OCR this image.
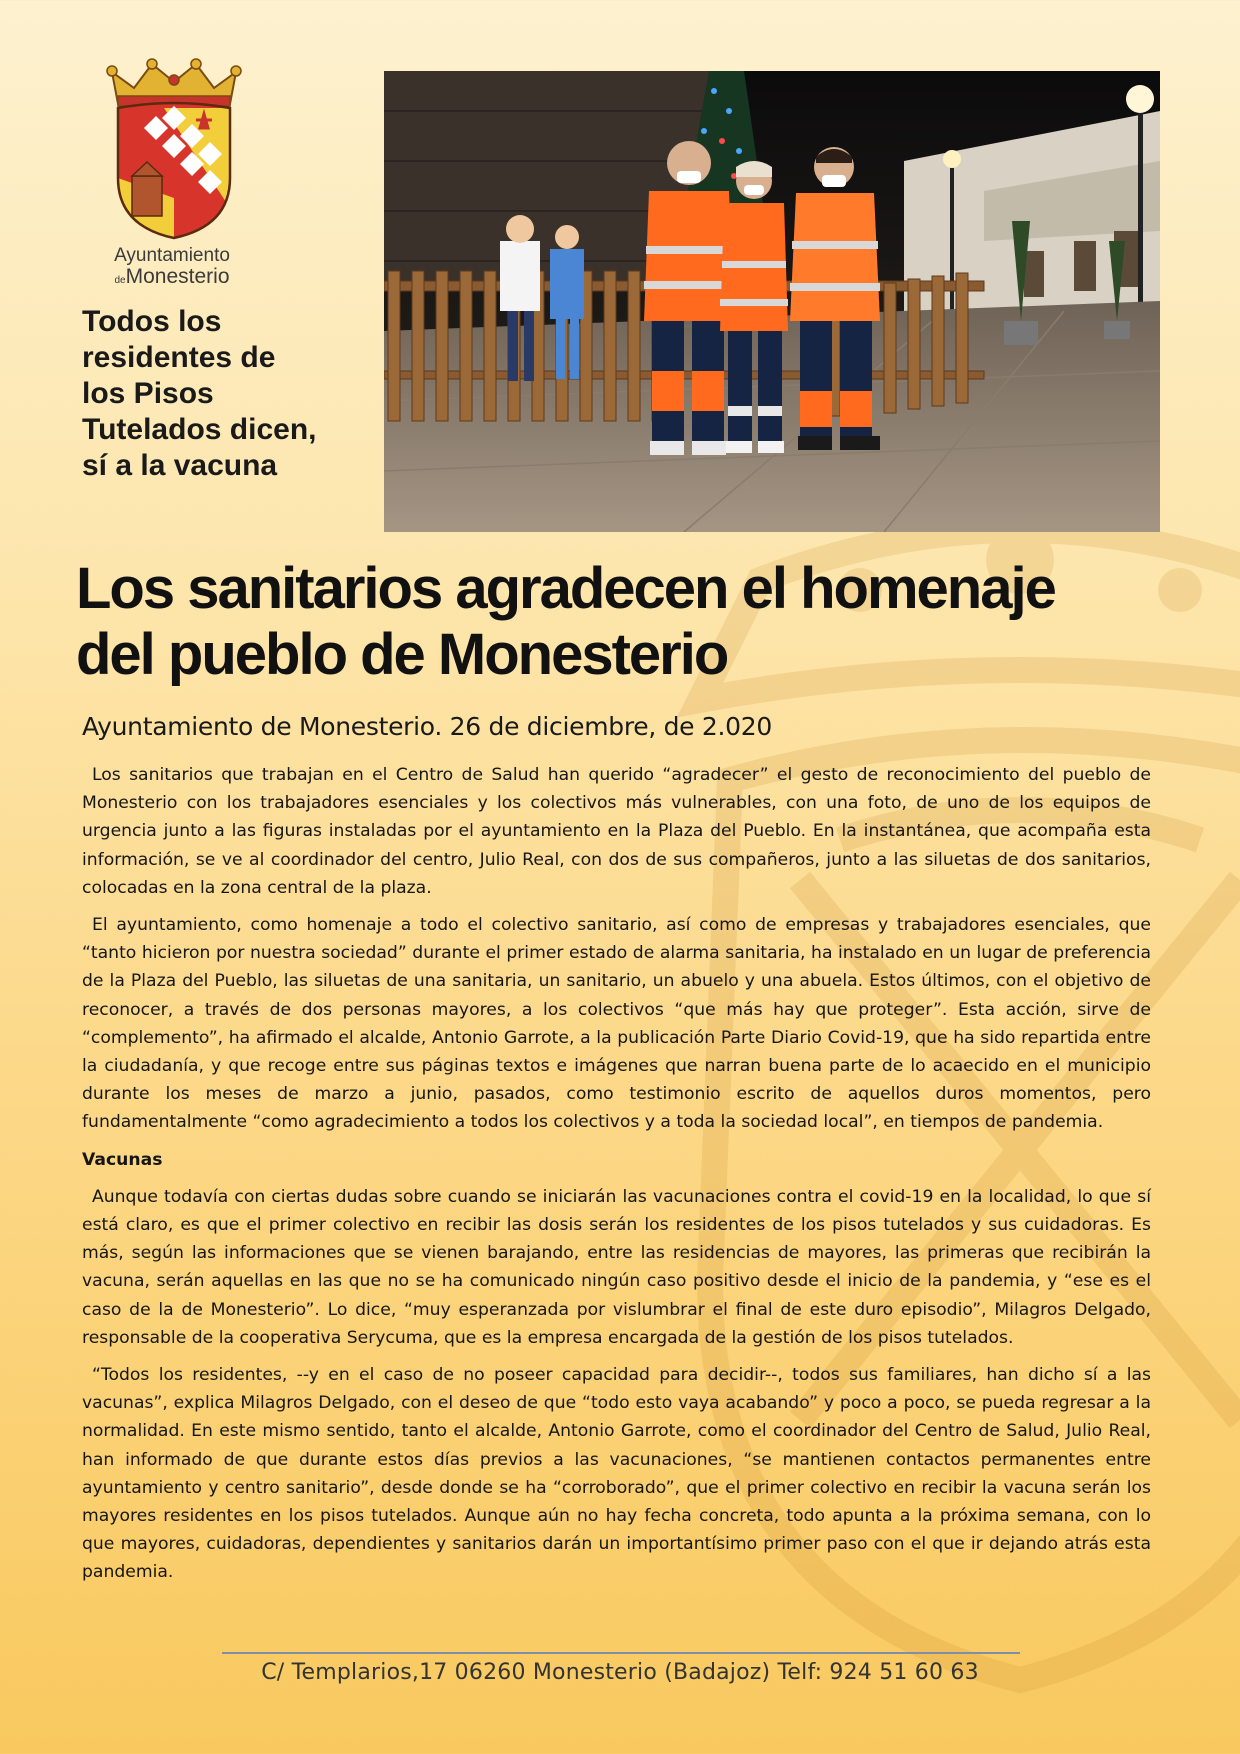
Ayuntamiento
deMonesterio
Todos los residentes de los Pisos Tutelados dicen, sí a la vacuna
Los sanitarios agradecen el homenaje
del pueblo de Monesterio

Ayuntamiento de Monesterio. 26 de diciembre, de 2.020

Los sanitarios que trabajan en el Centro de Salud han querido “agradecer” el gesto de reconocimiento del pueblo de Monesterio con los trabajadores esenciales y los colectivos más vulnerables, con una foto, de uno de los equipos de urgencia junto a las figuras instaladas por el ayuntamiento en la Plaza del Pueblo. En la instantánea, que acompaña esta información, se ve al coordinador del centro, Julio Real, con dos de sus compañeros, junto a las siluetas de dos sanitarios, colocadas en la zona central de la plaza.

El ayuntamiento, como homenaje a todo el colectivo sanitario, así como de empresas y trabajadores esenciales, que “tanto hicieron por nuestra sociedad” durante el primer estado de alarma sanitaria, ha instalado en un lugar de preferencia de la Plaza del Pueblo, las siluetas de una sanitaria, un sanitario, un abuelo y una abuela. Estos últimos, con el objetivo de reconocer, a través de dos personas mayores, a los colectivos “que más hay que proteger”. Esta acción, sirve de “complemento”, ha afirmado el alcalde, Antonio Garrote, a la publicación Parte Diario Covid-19, que ha sido repartida entre la ciudadanía, y que recoge entre sus páginas textos e imágenes que narran buena parte de lo acaecido en el municipio durante los meses de marzo a junio, pasados, como testimonio escrito de aquellos duros momentos, pero fundamentalmente “como agradecimiento a todos los colectivos y a toda la sociedad local”, en tiempos de pandemia.

Vacunas

Aunque todavía con ciertas dudas sobre cuando se iniciarán las vacunaciones contra el covid-19 en la localidad, lo que sí está claro, es que el primer colectivo en recibir las dosis serán los residentes de los pisos tutelados y sus cuidadoras. Es más, según las informaciones que se vienen barajando, entre las residencias de mayores, las primeras que recibirán la vacuna, serán aquellas en las que no se ha comunicado ningún caso positivo desde el inicio de la pandemia, y “ese es el caso de la de Monesterio”. Lo dice, “muy esperanzada por vislumbrar el final de este duro episodio”, Milagros Delgado, responsable de la cooperativa Serycuma, que es la empresa encargada de la gestión de los pisos tutelados.

“Todos los residentes, --y en el caso de no poseer capacidad para decidir--, todos sus familiares, han dicho sí a las vacunas”, explica Milagros Delgado, con el deseo de que “todo esto vaya acabando” y poco a poco, se pueda regresar a la normalidad. En este mismo sentido, tanto el alcalde, Antonio Garrote, como el coordinador del Centro de Salud, Julio Real, han informado de que durante estos días previos a las vacunaciones, “se mantienen contactos permanentes entre ayuntamiento y centro sanitario”, desde donde se ha “corroborado”, que el primer colectivo en recibir la vacuna serán los mayores residentes en los pisos tutelados. Aunque aún no hay fecha concreta, todo apunta a la próxima semana, con lo que mayores, cuidadoras, dependientes y sanitarios darán un importantísimo primer paso con el que ir dejando atrás esta pandemia.

C/ Templarios,17 06260 Monesterio (Badajoz) Telf: 924 51 60 63
